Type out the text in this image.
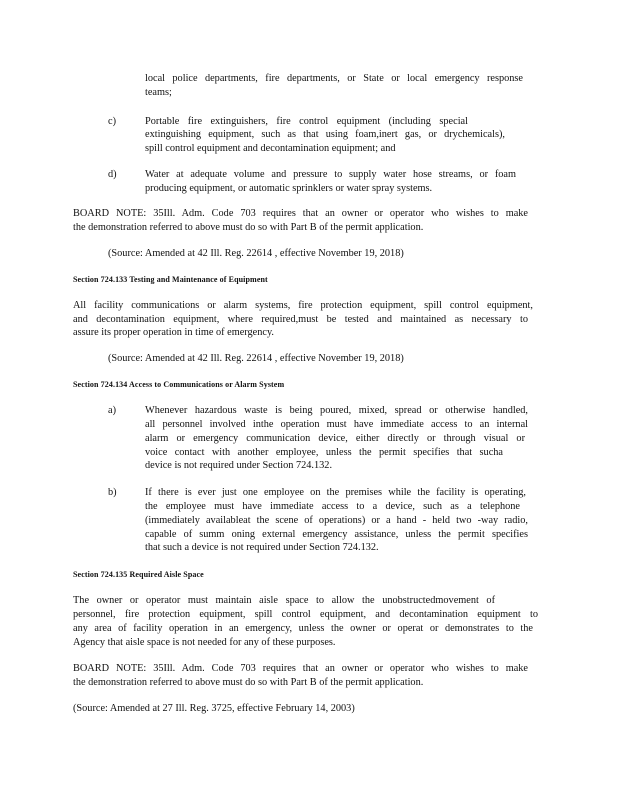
local police departments, fire departments, or State or local emergency response
teams;
c)	Portable fire extinguishers, fire control equipment (including special
extinguishing equipment, such as that using foam,inert gas, or drychemicals),
spill control equipment and decontamination equipment; and
d)	Water at adequate volume and pressure to supply water hose streams, or foam
producing equipment, or automatic sprinklers or water spray systems.
BOARD NOTE: 35Ill. Adm. Code 703 requires that an owner or operator who wishes to make
the demonstration referred to above must do so with Part B of the permit application.
(Source: Amended at 42 Ill. Reg. 22614 , effective November 19, 2018)
Section 724.133 Testing and Maintenance of Equipment
All facility communications or alarm systems, fire protection equipment, spill control equipment,
and decontamination equipment, where required,must be tested and maintained as necessary to
assure its proper operation in time of emergency.
(Source: Amended at 42 Ill. Reg. 22614 , effective November 19, 2018)
Section 724.134 Access to Communications or Alarm System
a)	Whenever hazardous waste is being poured, mixed, spread or otherwise handled,
all personnel involved inthe operation must have immediate access to an internal
alarm or emergency communication device, either directly or through visual or
voice contact with another employee, unless the permit specifies that sucha
device is not required under Section 724.132.
b)	If there is ever just one employee on the premises while the facility is operating,
the employee must have immediate access to a device, such as a telephone
(immediately availableat the scene of operations) or a hand - held two -way radio,
capable of summ oning external emergency assistance, unless the permit specifies
that such a device is not required under Section 724.132.
Section 724.135 Required Aisle Space
The owner or operator must maintain aisle space to allow the unobstructedmovement of
personnel, fire protection equipment, spill control equipment, and decontamination equipment to
any area of facility operation in an emergency, unless the owner or operat or demonstrates to the
Agency that aisle space is not needed for any of these purposes.
BOARD NOTE: 35Ill. Adm. Code 703 requires that an owner or operator who wishes to make
the demonstration referred to above must do so with Part B of the permit application.
(Source: Amended at 27 Ill. Reg. 3725, effective February 14, 2003)
